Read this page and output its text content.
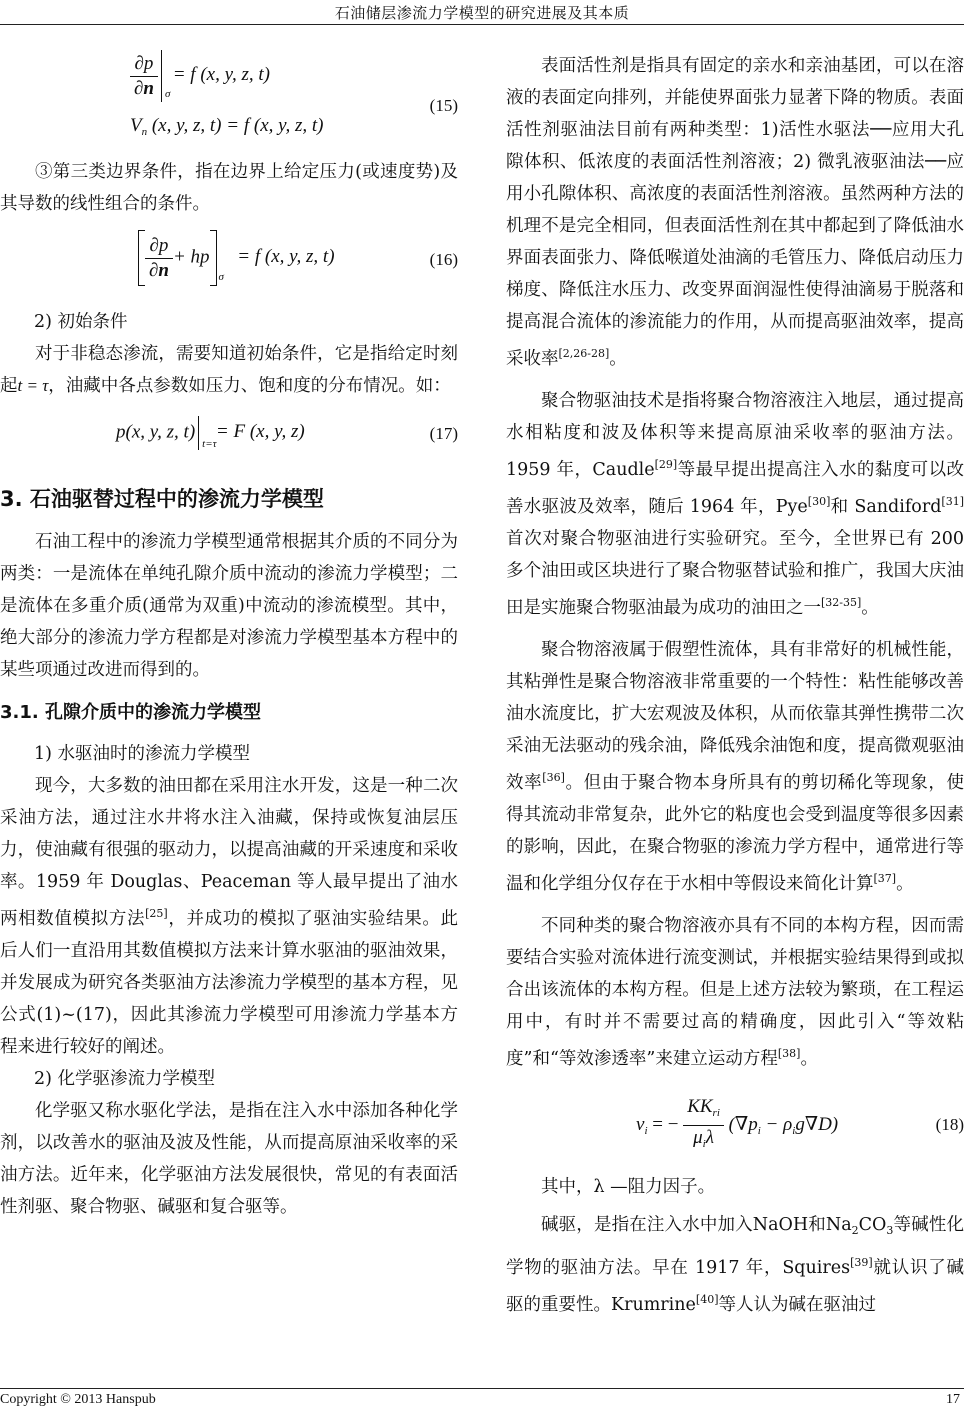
石油储层渗流力学模型的研究进展及其本质
$\frac{\partial p}{\partial n}$ σ
= f (x, y, z, t)
$V_n$ (x, y, z, t) = f (x, y, z, t)
(15)

③第三类边界条件，指在边界上给定压力(或速度势)及其导数的线性组合的条件。

$\frac{\partial p}{\partial n}$ + hp
σ
= f (x, y, z, t)	(16)

2) 初始条件

对于非稳态渗流，需要知道初始条件，它是指给定时刻起t = τ，油藏中各点参数如压力、饱和度的分布情况。如：

p(x, y, z, t)
t=τ
= F (x, y, z)	(17)
3. 石油驱替过程中的渗流力学模型

石油工程中的渗流力学模型通常根据其介质的不同分为两类：一是流体在单纯孔隙介质中流动的渗流力学模型；二是流体在多重介质(通常为双重)中流动的渗流模型。其中，绝大部分的渗流力学方程都是对渗流力学模型基本方程中的某些项通过改进而得到的。

3.1. 孔隙介质中的渗流力学模型

1) 水驱油时的渗流力学模型

现今，大多数的油田都在采用注水开发，这是一种二次采油方法，通过注水井将水注入油藏，保持或恢复油层压力，使油藏有很强的驱动力，以提高油藏的开采速度和采收率。1959 年 Douglas、Peaceman 等人最早提出了油水两相数值模拟方法[25]，并成功的模拟了驱油实验结果。此后人们一直沿用其数值模拟方法来计算水驱油的驱油效果，并发展成为研究各类驱油方法渗流力学模型的基本方程，见公式(1)~(17)，因此其渗流力学模型可用渗流力学基本方程来进行较好的阐述。

2) 化学驱渗流力学模型

化学驱又称水驱化学法，是指在注入水中添加各种化学剂，以改善水的驱油及波及性能，从而提高原油采收率的采油方法。近年来，化学驱油方法发展很快，常见的有表面活性剂驱、聚合物驱、碱驱和复合驱等。

表面活性剂是指具有固定的亲水和亲油基团，可以在溶液的表面定向排列，并能使界面张力显著下降的物质。表面活性剂驱油法目前有两种类型：1)活性水驱法──应用大孔隙体积、低浓度的表面活性剂溶液；2) 微乳液驱油法──应用小孔隙体积、高浓度的表面活性剂溶液。虽然两种方法的机理不是完全相同，但表面活性剂在其中都起到了降低油水界面表面张力、降低喉道处油滴的毛管压力、降低启动压力梯度、降低注水压力、改变界面润湿性使得油滴易于脱落和提高混合流体的渗流能力的作用，从而提高驱油效率，提高采收率[2,26-28]。

聚合物驱油技术是指将聚合物溶液注入地层，通过提高水相粘度和波及体积等来提高原油采收率的驱油方法。1959 年，Caudle[29]等最早提出提高注入水的黏度可以改善水驱波及效率，随后 1964 年，Pye[30]和 Sandiford[31]首次对聚合物驱油进行实验研究。至今，全世界已有 200 多个油田或区块进行了聚合物驱替试验和推广，我国大庆油田是实施聚合物驱油最为成功的油田之一[32-35]。

聚合物溶液属于假塑性流体，具有非常好的机械性能，其粘弹性是聚合物溶液非常重要的一个特性：粘性能够改善油水流度比，扩大宏观波及体积，从而依靠其弹性携带二次采油无法驱动的残余油，降低残余油饱和度，提高微观驱油效率[36]。但由于聚合物本身所具有的剪切稀化等现象，使得其流动非常复杂，此外它的粘度也会受到温度等很多因素的影响，因此，在聚合物驱的渗流力学方程中，通常进行等温和化学组分仅存在于水相中等假设来简化计算[37]。

不同种类的聚合物溶液亦具有不同的本构方程，因而需要结合实验对流体进行流变测试，并根据实验结果得到或拟合出该流体的本构方程。但是上述方法较为繁琐，在工程运用中，有时并不需要过高的精确度，因此引入“等效粘度”和“等效渗透率”来建立运动方程[38]。

$v_i$ = − $\frac{KK_{ri}}{\mu_i\lambda} (\nabla p_i - \rho_ig\nabla D)$	(18)

其中，λ —阻力因子。

碱驱，是指在注入水中加入NaOH和$Na_2CO_3$等碱性化学物的驱油方法。早在 1917 年，Squires[39]就认识了碱驱的重要性。Krumrine[40]等人认为碱在驱油过

Copyright © 2013 Hanspub	17
